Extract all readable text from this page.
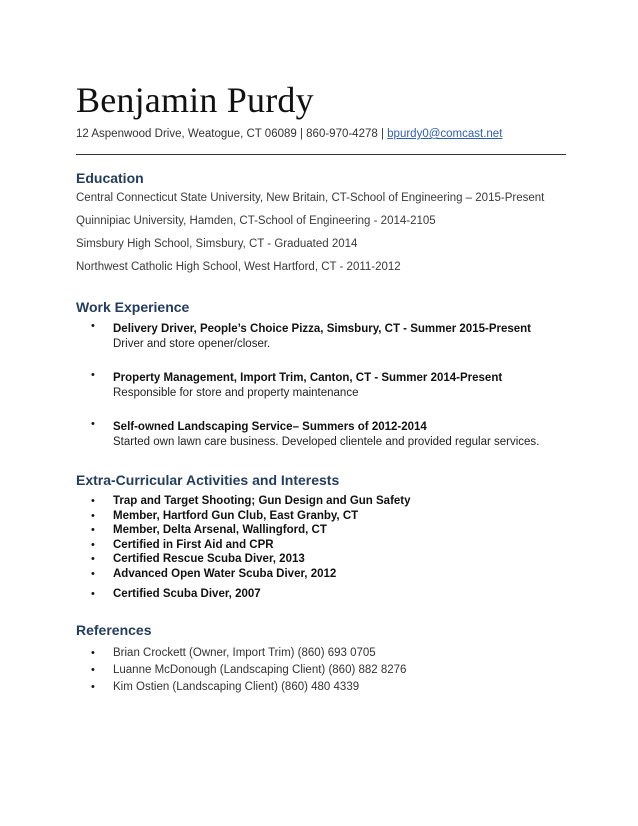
Benjamin Purdy
12 Aspenwood Drive, Weatogue, CT 06089 | 860-970-4278 | bpurdy0@comcast.net
Education
Central Connecticut State University, New Britain, CT-School of Engineering – 2015-Present
Quinnipiac University, Hamden, CT-School of Engineering - 2014-2105
Simsbury High School, Simsbury, CT - Graduated 2014
Northwest Catholic High School, West Hartford, CT - 2011-2012
Work Experience
• Delivery Driver, People’s Choice Pizza, Simsbury, CT - Summer 2015-Present
Driver and store opener/closer.
• Property Management, Import Trim, Canton, CT - Summer 2014-Present
Responsible for store and property maintenance
• Self-owned Landscaping Service– Summers of 2012-2014
Started own lawn care business. Developed clientele and provided regular services.
Extra-Curricular Activities and Interests
• Trap and Target Shooting; Gun Design and Gun Safety
• Member, Hartford Gun Club, East Granby, CT
• Member, Delta Arsenal, Wallingford, CT
• Certified in First Aid and CPR
• Certified Rescue Scuba Diver, 2013
• Advanced Open Water Scuba Diver, 2012
• Certified Scuba Diver, 2007
References
• Brian Crockett (Owner, Import Trim) (860) 693 0705
• Luanne McDonough (Landscaping Client) (860) 882 8276
• Kim Ostien (Landscaping Client) (860) 480 4339
